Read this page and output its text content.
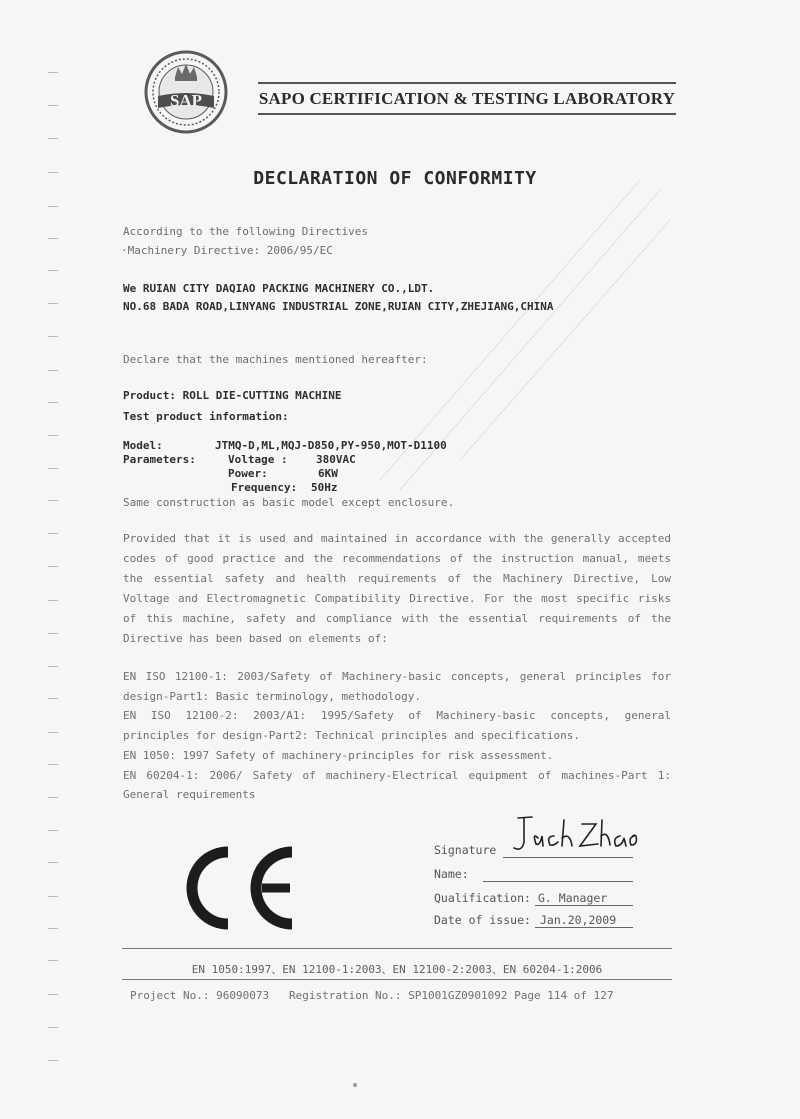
SAP	SAPO CERTIFICATION & TESTING LABORATORY
DECLARATION OF CONFORMITY
According to the following Directives
·Machinery Directive: 2006/95/EC
We RUIAN CITY DAQIAO PACKING MACHINERY CO.,LDT.
NO.68 BADA ROAD,LINYANG INDUSTRIAL ZONE,RUIAN CITY,ZHEJIANG,CHINA
Declare that the machines mentioned hereafter:
Product: ROLL DIE-CUTTING MACHINE
Test product information:
Model:	JTMQ-D,ML,MQJ-D850,PY-950,MOT-D1100
Parameters:	Voltage :	380VAC
Power:	6KW
Frequency: 50Hz
Same construction as basic model except enclosure.
Provided that it is used and maintained in accordance with the generally accepted
codes of good practice and the recommendations of the instruction manual, meets
the essential safety and health requirements of the Machinery Directive, Low
Voltage and Electromagnetic Compatibility Directive. For the most specific risks
of this machine, safety and compliance with the essential requirements of the
Directive has been based on elements of:
EN ISO 12100-1: 2003/Safety of Machinery-basic concepts, general principles for
design-Part1: Basic terminology, methodology.
EN ISO 12100-2: 2003/A1: 1995/Safety of Machinery-basic concepts, general
principles for design-Part2: Technical principles and specifications.
EN 1050: 1997 Safety of machinery-principles for risk assessment.
EN 60204-1: 2006/ Safety of machinery-Electrical equipment of machines-Part 1:
General requirements
Signature
Name:
Qualification: G. Manager
Date of issue: Jan.20,2009
EN 1050:1997、EN 12100-1:2003、EN 12100-2:2003、EN 60204-1:2006
Project No.: 96090073 Registration No.: SP1001GZ0901092 Page 114 of 127
